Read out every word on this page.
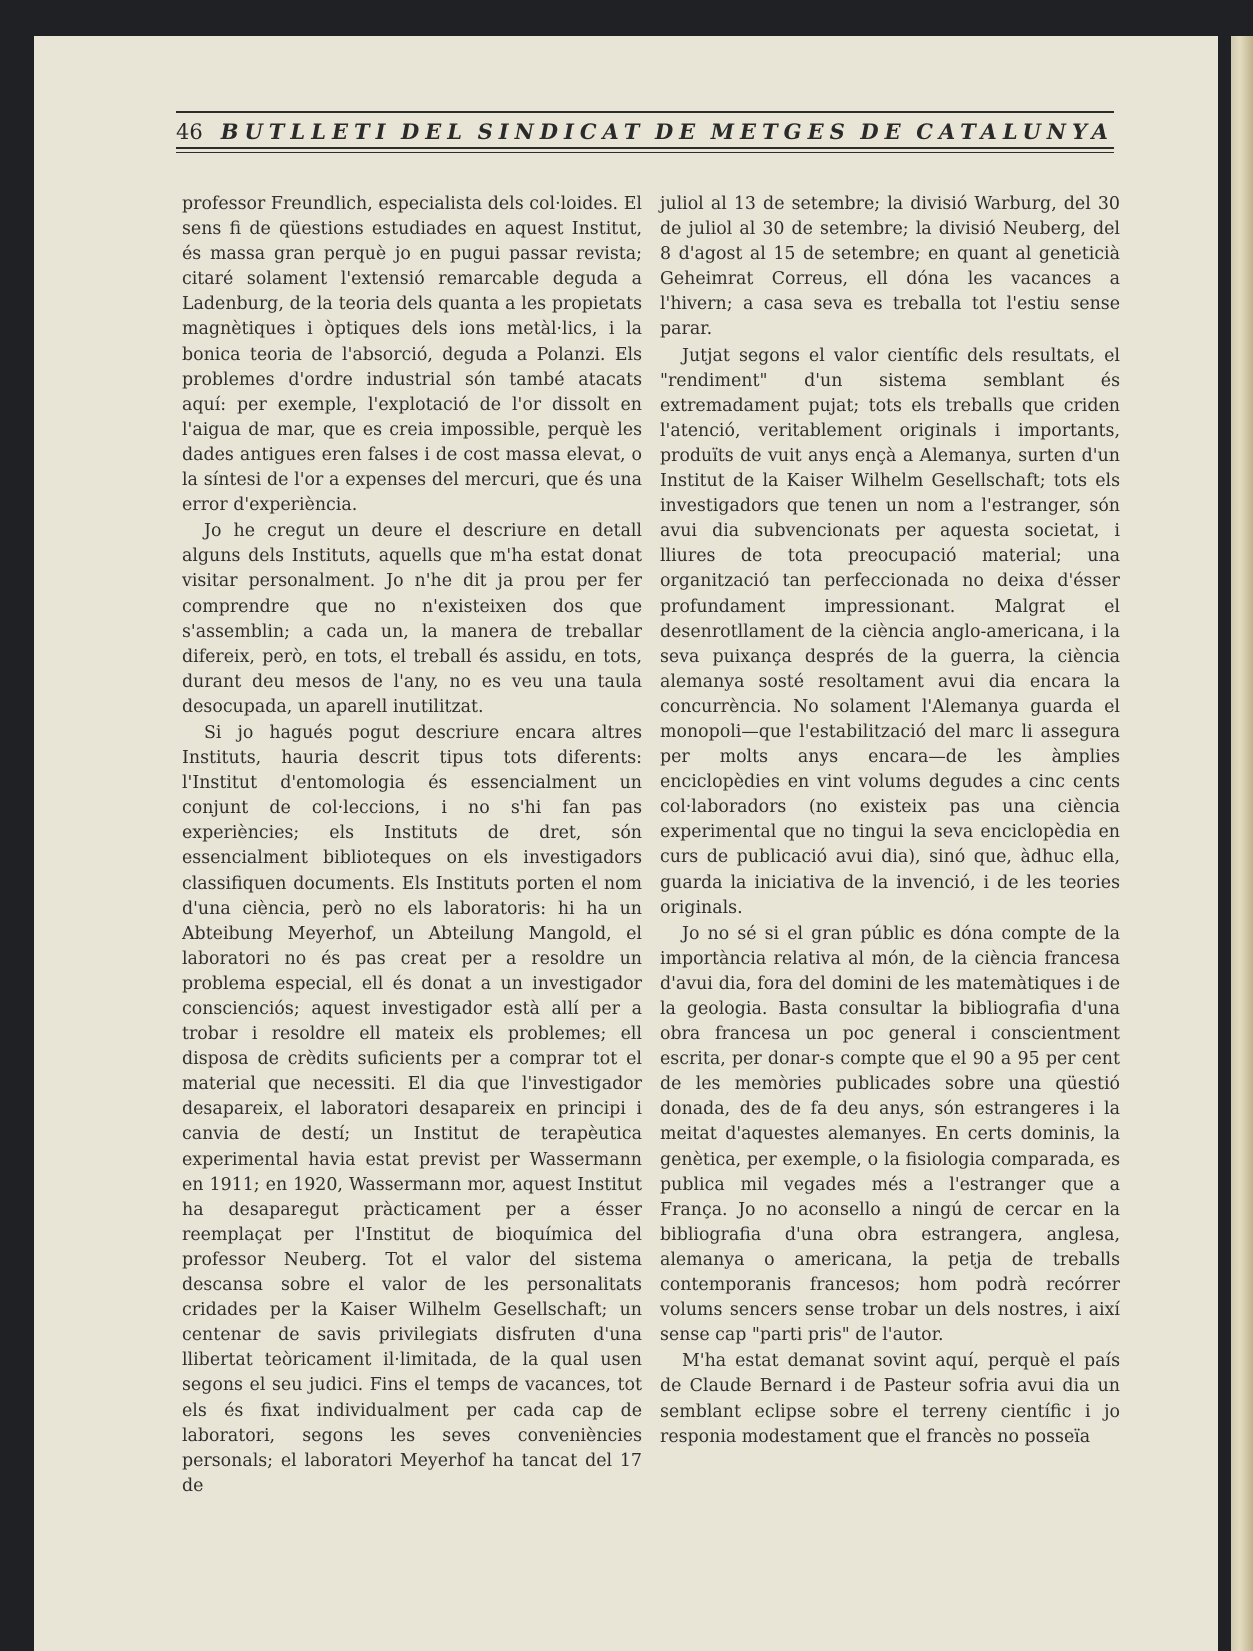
46 BUTLLETI DEL SINDICAT DE METGES DE CATALUNYA

professor Freundlich, especialista dels col·loides. El sens fi de qüestions estudiades en aquest Institut, és massa gran perquè jo en pugui passar revista; citaré solament l'extensió remarcable deguda a Ladenburg, de la teoria dels quanta a les propietats magnètiques i òptiques dels ions metàl·lics, i la bonica teoria de l'absorció, deguda a Polanzi. Els problemes d'ordre industrial són també atacats aquí: per exemple, l'explotació de l'or dissolt en l'aigua de mar, que es creia impossible, perquè les dades antigues eren falses i de cost massa elevat, o la síntesi de l'or a expenses del mercuri, que és una error d'experiència.

Jo he cregut un deure el descriure en detall alguns dels Instituts, aquells que m'ha estat donat visitar personalment. Jo n'he dit ja prou per fer comprendre que no n'existeixen dos que s'assemblin; a cada un, la manera de treballar difereix, però, en tots, el treball és assidu, en tots, durant deu mesos de l'any, no es veu una taula desocupada, un aparell inutilitzat.

Si jo hagués pogut descriure encara altres Instituts, hauria descrit tipus tots diferents: l'Institut d'entomologia és essencialment un conjunt de col·leccions, i no s'hi fan pas experiències; els Instituts de dret, són essencialment biblioteques on els investigadors classifiquen documents. Els Instituts porten el nom d'una ciència, però no els laboratoris: hi ha un Abteibung Meyerhof, un Abteilung Mangold, el laboratori no és pas creat per a resoldre un problema especial, ell és donat a un investigador conscienciós; aquest investigador està allí per a trobar i resoldre ell mateix els problemes; ell disposa de crèdits suficients per a comprar tot el material que necessiti. El dia que l'investigador desapareix, el laboratori desapareix en principi i canvia de destí; un Institut de terapèutica experimental havia estat previst per Wassermann en 1911; en 1920, Wassermann mor, aquest Institut ha desaparegut pràcticament per a ésser reemplaçat per l'Institut de bioquímica del professor Neuberg. Tot el valor del sistema descansa sobre el valor de les personalitats cridades per la Kaiser Wilhelm Gesellschaft; un centenar de savis privilegiats disfruten d'una llibertat teòricament il·limitada, de la qual usen segons el seu judici. Fins el temps de vacances, tot els és fixat individualment per cada cap de laboratori, segons les seves conveniències personals; el laboratori Meyerhof ha tancat del 17 de

juliol al 13 de setembre; la divisió Warburg, del 30 de juliol al 30 de setembre; la divisió Neuberg, del 8 d'agost al 15 de setembre; en quant al geneticià Geheimrat Correus, ell dóna les vacances a l'hivern; a casa seva es treballa tot l'estiu sense parar.

Jutjat segons el valor científic dels resultats, el "rendiment" d'un sistema semblant és extremadament pujat; tots els treballs que criden l'atenció, veritablement originals i importants, produïts de vuit anys ençà a Alemanya, surten d'un Institut de la Kaiser Wilhelm Gesellschaft; tots els investigadors que tenen un nom a l'estranger, són avui dia subvencionats per aquesta societat, i lliures de tota preocupació material; una organització tan perfeccionada no deixa d'ésser profundament impressionant. Malgrat el desenrotllament de la ciència anglo-americana, i la seva puixança després de la guerra, la ciència alemanya sosté resoltament avui dia encara la concurrència. No solament l'Alemanya guarda el monopoli—que l'estabilització del marc li assegura per molts anys encara—de les àmplies enciclopèdies en vint volums degudes a cinc cents col·laboradors (no existeix pas una ciència experimental que no tingui la seva enciclopèdia en curs de publicació avui dia), sinó que, àdhuc ella, guarda la iniciativa de la invenció, i de les teories originals.

Jo no sé si el gran públic es dóna compte de la importància relativa al món, de la ciència francesa d'avui dia, fora del domini de les matemàtiques i de la geologia. Basta consultar la bibliografia d'una obra francesa un poc general i conscientment escrita, per donar-s compte que el 90 a 95 per cent de les memòries publicades sobre una qüestió donada, des de fa deu anys, són estrangeres i la meitat d'aquestes alemanyes. En certs dominis, la genètica, per exemple, o la fisiologia comparada, es publica mil vegades més a l'estranger que a França. Jo no aconsello a ningú de cercar en la bibliografia d'una obra estrangera, anglesa, alemanya o americana, la petja de treballs contemporanis francesos; hom podrà recórrer volums sencers sense trobar un dels nostres, i així sense cap "parti pris" de l'autor.

M'ha estat demanat sovint aquí, perquè el país de Claude Bernard i de Pasteur sofria avui dia un semblant eclipse sobre el terreny científic i jo responia modestament que el francès no posseïa
